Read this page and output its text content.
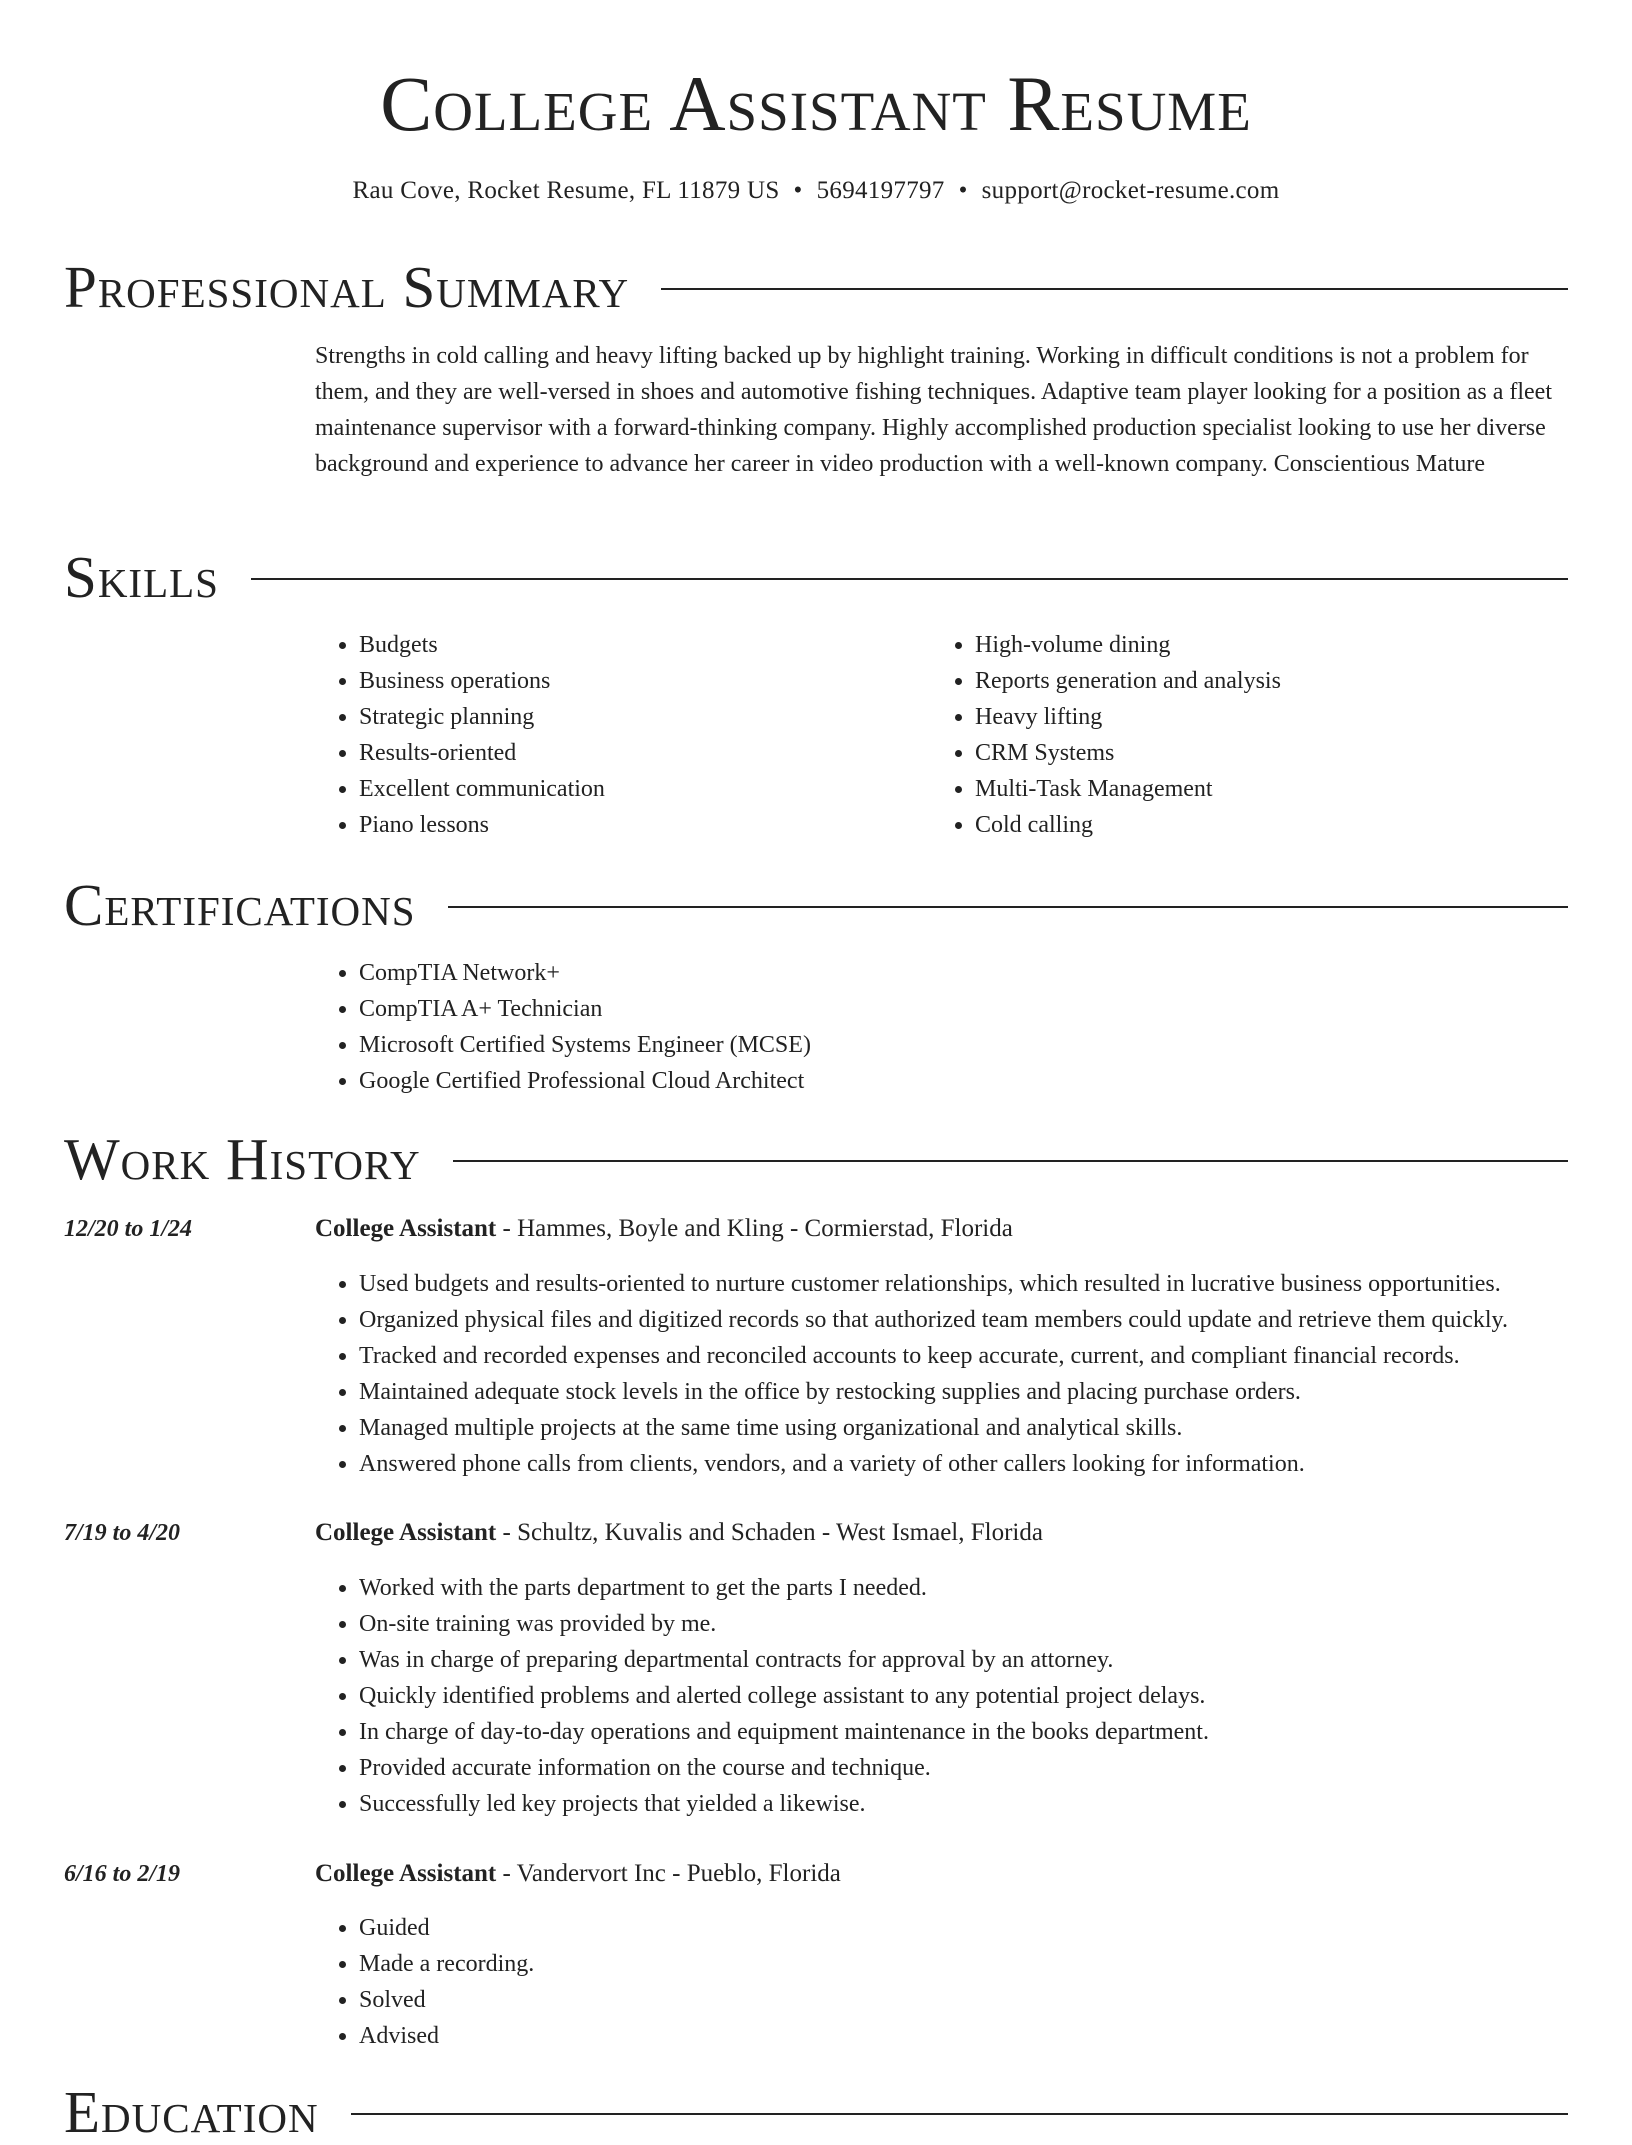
College Assistant Resume
Rau Cove, Rocket Resume, FL 11879 US • 5694197797 • support@rocket-resume.com
Professional Summary

Strengths in cold calling and heavy lifting backed up by highlight training. Working in difficult conditions is not a problem for them, and they are well-versed in shoes and automotive fishing techniques. Adaptive team player looking for a position as a fleet maintenance supervisor with a forward-thinking company. Highly accomplished production specialist looking to use her diverse background and experience to advance her career in video production with a well-known company. Conscientious Mature

Skills
• Budgets
• Business operations
• Strategic planning
• Results-oriented
• Excellent communication
• Piano lessons
• High-volume dining
• Reports generation and analysis
• Heavy lifting
• CRM Systems
• Multi-Task Management
• Cold calling
Certifications
• CompTIA Network+
• CompTIA A+ Technician
• Microsoft Certified Systems Engineer (MCSE)
• Google Certified Professional Cloud Architect
Work History
12/20 to 1/24	College Assistant - Hammes, Boyle and Kling - Cormierstad, Florida
• Used budgets and results-oriented to nurture customer relationships, which resulted in lucrative business opportunities.
• Organized physical files and digitized records so that authorized team members could update and retrieve them quickly.
• Tracked and recorded expenses and reconciled accounts to keep accurate, current, and compliant financial records.
• Maintained adequate stock levels in the office by restocking supplies and placing purchase orders.
• Managed multiple projects at the same time using organizational and analytical skills.
• Answered phone calls from clients, vendors, and a variety of other callers looking for information.
7/19 to 4/20	College Assistant - Schultz, Kuvalis and Schaden - West Ismael, Florida
• Worked with the parts department to get the parts I needed.
• On-site training was provided by me.
• Was in charge of preparing departmental contracts for approval by an attorney.
• Quickly identified problems and alerted college assistant to any potential project delays.
• In charge of day-to-day operations and equipment maintenance in the books department.
• Provided accurate information on the course and technique.
• Successfully led key projects that yielded a likewise.
6/16 to 2/19	College Assistant - Vandervort Inc - Pueblo, Florida
• Guided
• Made a recording.
• Solved
• Advised
Education
